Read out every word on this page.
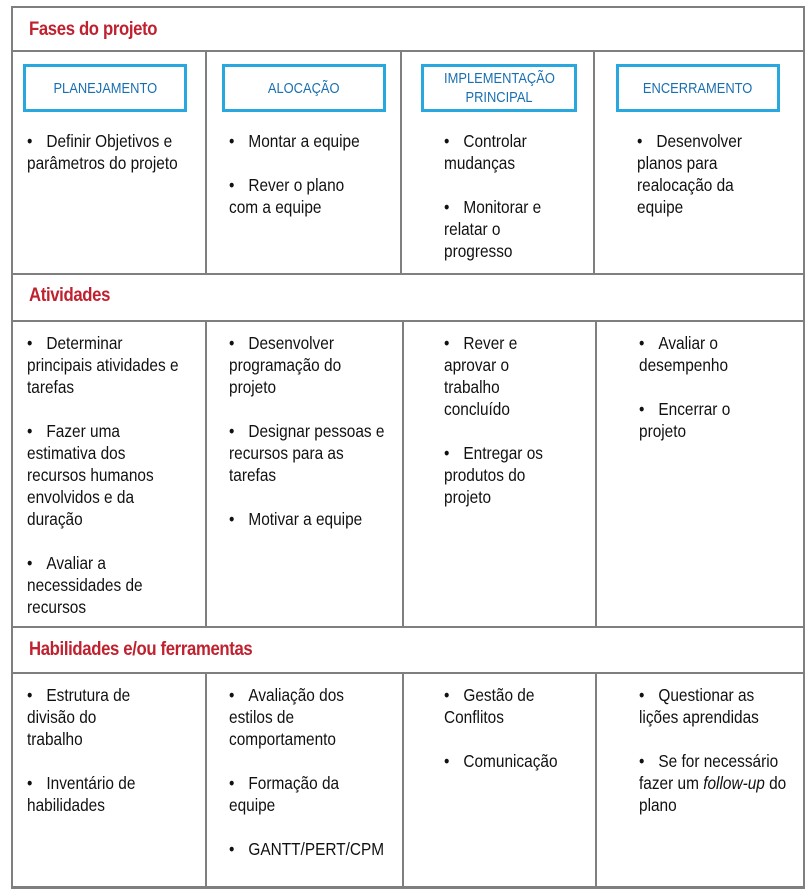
Fases do projeto
PLANEJAMENTO
• Definir Objetivos e parâmetros do projeto
ALOCAÇÃO
• Montar a equipe
• Rever o plano com a equipe
IMPLEMENTAÇÃO
PRINCIPAL
• Controlar mudanças
• Monitorar e relatar o progresso
ENCERRAMENTO
• Desenvolver planos para realocação da equipe
Atividades
• Determinar principais atividades e tarefas
• Fazer uma estimativa dos recursos humanos envolvidos e da duração
• Avaliar a necessidades de recursos
• Desenvolver programação do projeto
• Designar pessoas e recursos para as tarefas
• Motivar a equipe
• Rever e aprovar o trabalho concluído
• Entregar os produtos do projeto
• Avaliar o desempenho
• Encerrar o projeto
Habilidades e/ou ferramentas
• Estrutura de divisão do trabalho
• Inventário de habilidades
• Avaliação dos estilos de comportamento
• Formação da equipe
• GANTT/PERT/CPM
• Gestão de Conflitos
• Comunicação
• Questionar as lições aprendidas
• Se for necessário fazer um follow-up do plano
